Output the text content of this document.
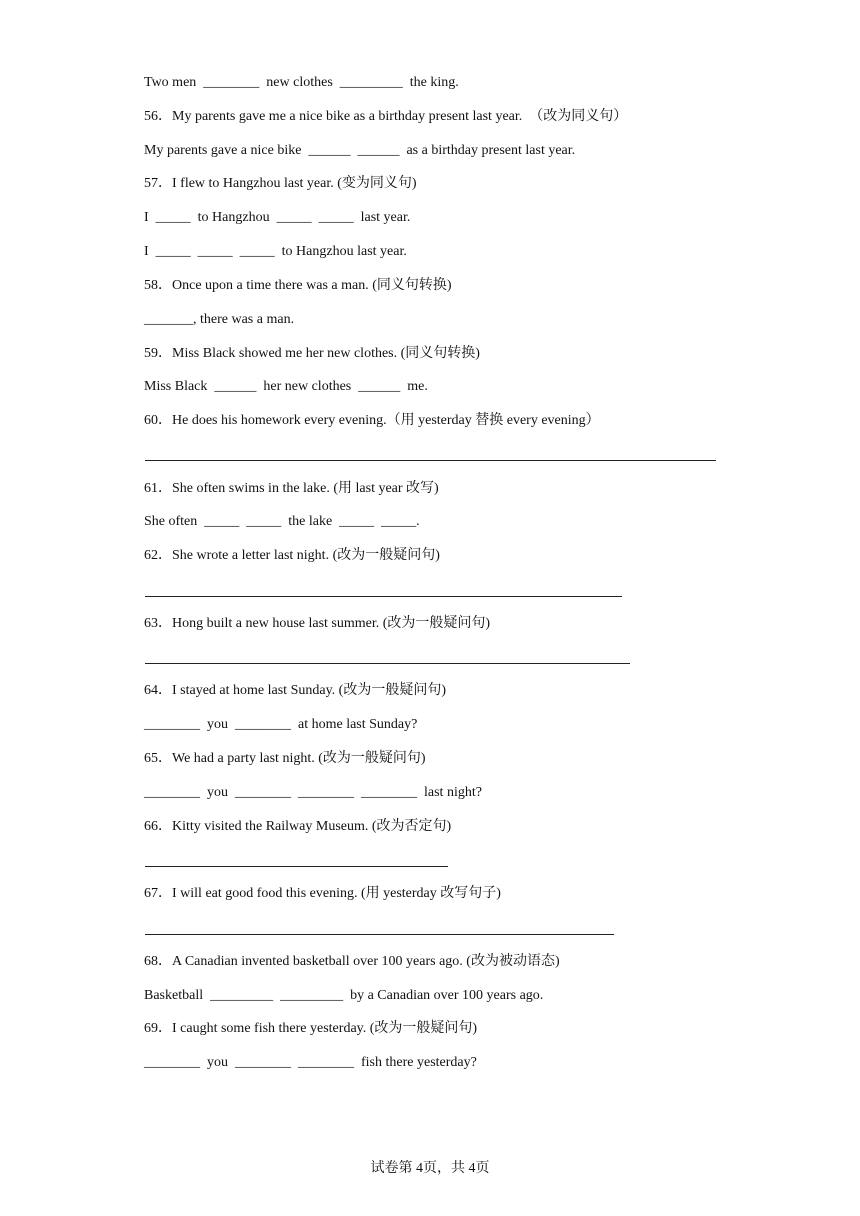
Two men  ________  new clothes  _________  the king.
56．My parents gave me a nice bike as a birthday present last year.  （改为同义句）
My parents gave a nice bike  ______  ______  as a birthday present last year.
57．I flew to Hangzhou last year. (变为同义句)
I  _____  to Hangzhou  _____  _____  last year.
I  _____  _____  _____  to Hangzhou last year.
58．Once upon a time there was a man. (同义句转换)
_______, there was a man.
59．Miss Black showed me her new clothes. (同义句转换)
Miss Black  ______  her new clothes  ______  me.
60．He does his homework every evening.（用 yesterday 替换 every evening）
61．She often swims in the lake. (用 last year 改写)
She often  _____  _____  the lake  _____  _____.
62．She wrote a letter last night. (改为一般疑问句)
63．Hong built a new house last summer. (改为一般疑问句)
64．I stayed at home last Sunday. (改为一般疑问句)
________  you  ________  at home last Sunday?
65．We had a party last night. (改为一般疑问句)
________  you  ________  ________  ________  last night?
66．Kitty visited the Railway Museum. (改为否定句)
67．I will eat good food this evening. (用 yesterday 改写句子)
68．A Canadian invented basketball over 100 years ago. (改为被动语态)
Basketball  _________  _________  by a Canadian over 100 years ago.
69．I caught some fish there yesterday. (改为一般疑问句)
________  you  ________  ________  fish there yesterday?
试卷第 4页，共 4页
